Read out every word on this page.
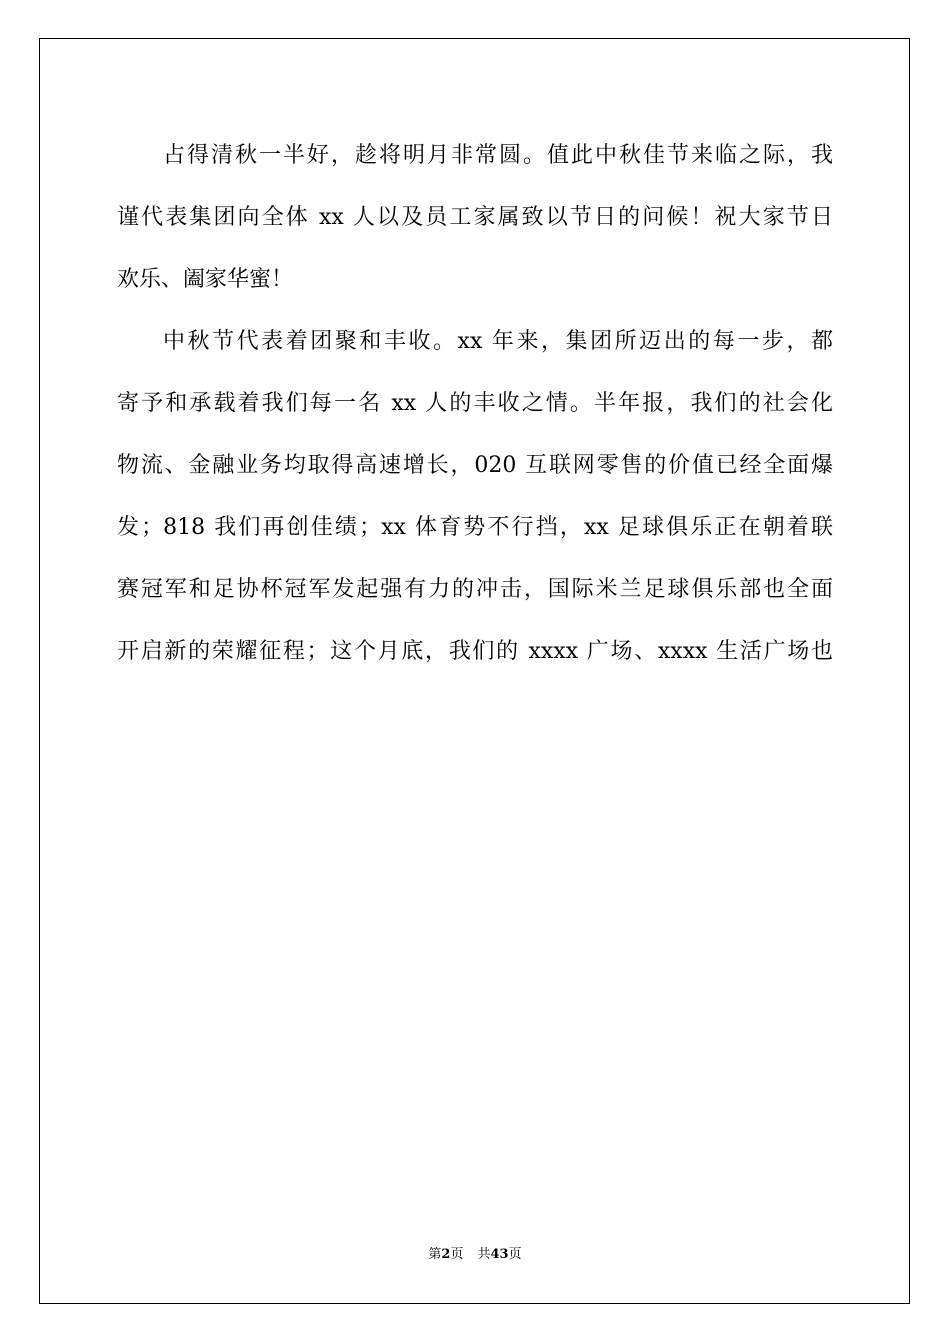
占得清秋一半好，趁将明月非常圆。值此中秋佳节来临之际，我

谨代表集团向全体 xx 人以及员工家属致以节日的问候！祝大家节日

欢乐、阖家华蜜！

中秋节代表着团聚和丰收。xx 年来，集团所迈出的每一步，都

寄予和承载着我们每一名 xx 人的丰收之情。半年报，我们的社会化

物流、金融业务均取得高速增长，020 互联网零售的价值已经全面爆

发；818 我们再创佳绩；xx 体育势不行挡，xx 足球俱乐正在朝着联

赛冠军和足协杯冠军发起强有力的冲击，国际米兰足球俱乐部也全面

开启新的荣耀征程；这个月底，我们的 xxxx 广场、xxxx 生活广场也

第2页 共43页
